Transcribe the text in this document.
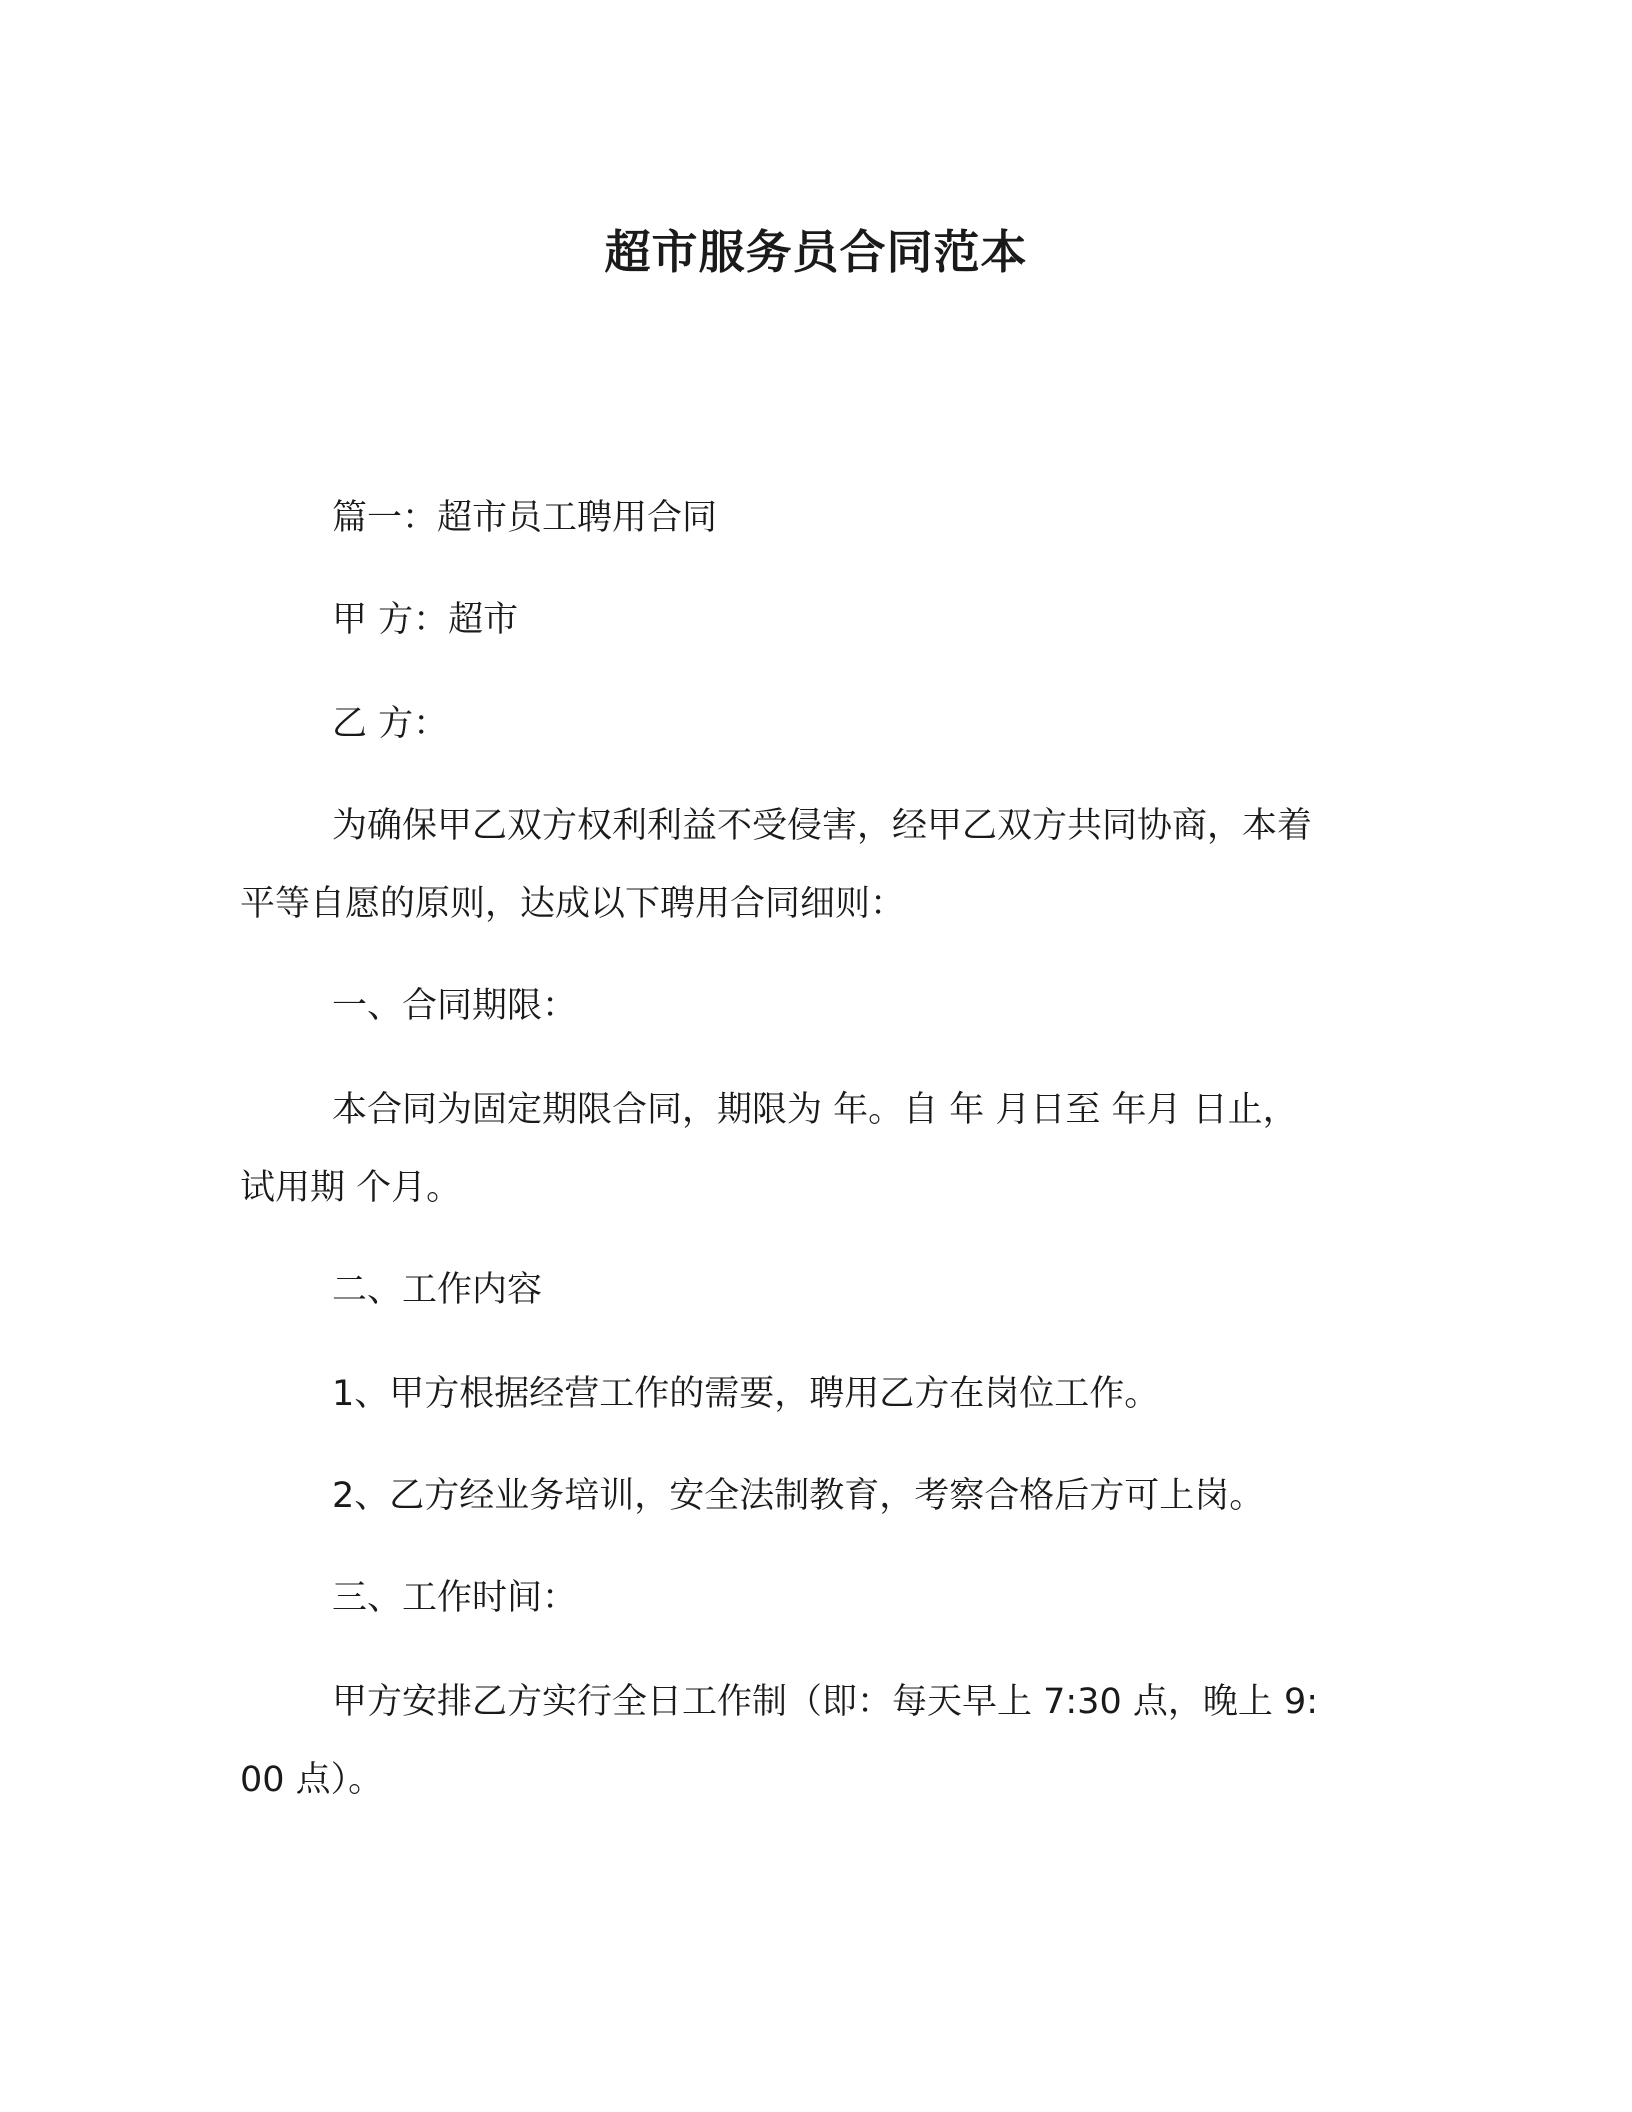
超市服务员合同范本
篇一：超市员工聘用合同
甲 方：超市
乙 方：
为确保甲乙双方权利利益不受侵害，经甲乙双方共同协商，本着
平等自愿的原则，达成以下聘用合同细则：
一、合同期限：
本合同为固定期限合同，期限为 年。自 年 月日至 年月 日止，
试用期 个月。
二、工作内容
1、甲方根据经营工作的需要，聘用乙方在岗位工作。
2、乙方经业务培训，安全法制教育，考察合格后方可上岗。
三、工作时间：
甲方安排乙方实行全日工作制（即：每天早上 7:30 点，晚上 9:
00 点）。
